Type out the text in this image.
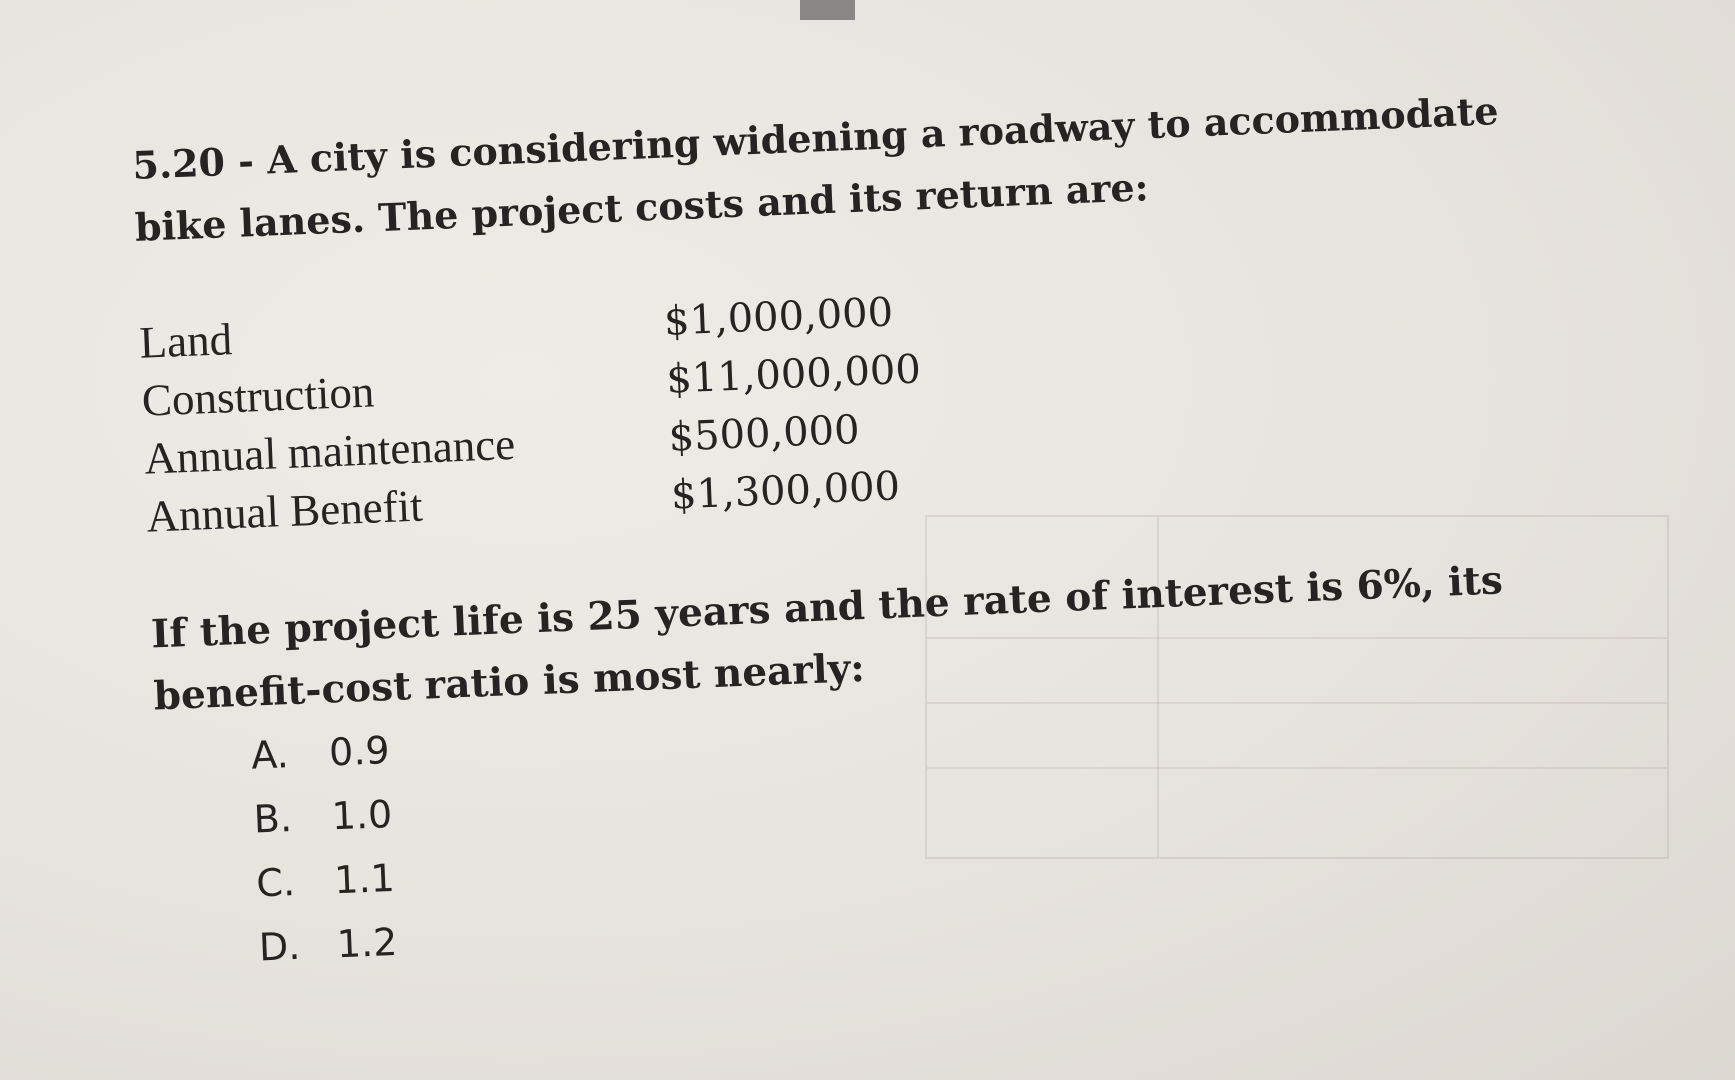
5.20 - A city is considering widening a roadway to accommodate bike lanes. The project costs and its return are:
Land	$1,000,000
Construction	$11,000,000
Annual maintenance	$500,000
Annual Benefit	$1,300,000
If the project life is 25 years and the rate of interest is 6%, its benefit-cost ratio is most nearly:
A.	0.9
B.	1.0
C. 1.1
D. 1.2
